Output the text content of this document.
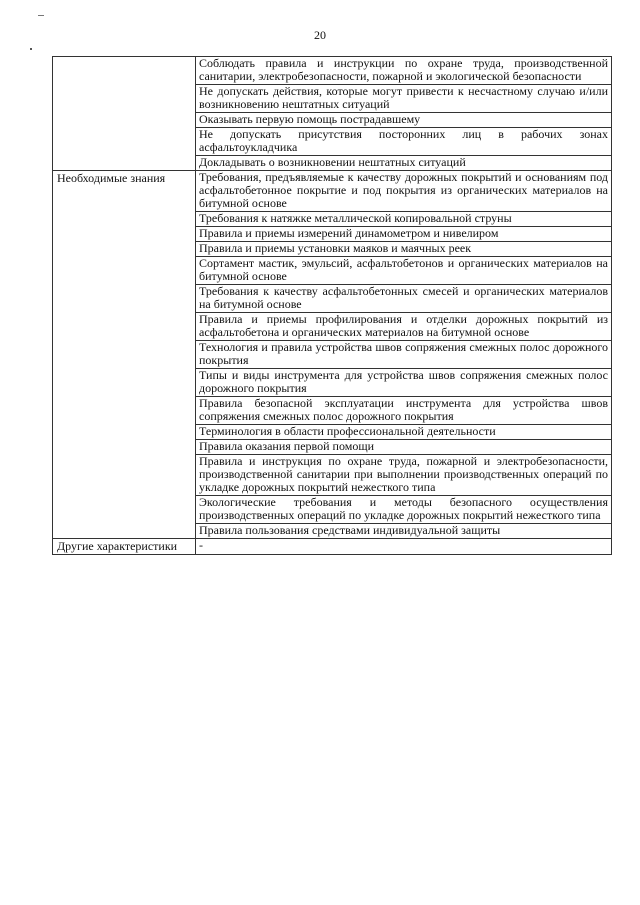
20
	Соблюдать правила и инструкции по охране труда, производственной санитарии, электробезопасности, пожарной и экологической безопасности
	Не допускать действия, которые могут привести к несчастному случаю и/или возникновению нештатных ситуаций
	Оказывать первую помощь пострадавшему
	Не допускать присутствия посторонних лиц в рабочих зонах асфальтоукладчика
	Докладывать о возникновении нештатных ситуаций
Необходимые знания	Требования, предъявляемые к качеству дорожных покрытий и основаниям под асфальтобетонное покрытие и под покрытия из органических материалов на битумной основе
	Требования к натяжке металлической копировальной струны
	Правила и приемы измерений динамометром и нивелиром
	Правила и приемы установки маяков и маячных реек
	Сортамент мастик, эмульсий, асфальтобетонов и органических материалов на битумной основе
	Требования к качеству асфальтобетонных смесей и органических материалов на битумной основе
	Правила и приемы профилирования и отделки дорожных покрытий из асфальтобетона и органических материалов на битумной основе
	Технология и правила устройства швов сопряжения смежных полос дорожного покрытия
	Типы и виды инструмента для устройства швов сопряжения смежных полос дорожного покрытия
	Правила безопасной эксплуатации инструмента для устройства швов сопряжения смежных полос дорожного покрытия
	Терминология в области профессиональной деятельности
	Правила оказания первой помощи
	Правила и инструкция по охране труда, пожарной и электробезопасности, производственной санитарии при выполнении производственных операций по укладке дорожных покрытий нежесткого типа
	Экологические требования и методы безопасного осуществления производственных операций по укладке дорожных покрытий нежесткого типа
	Правила пользования средствами индивидуальной защиты
Другие характеристики	-
